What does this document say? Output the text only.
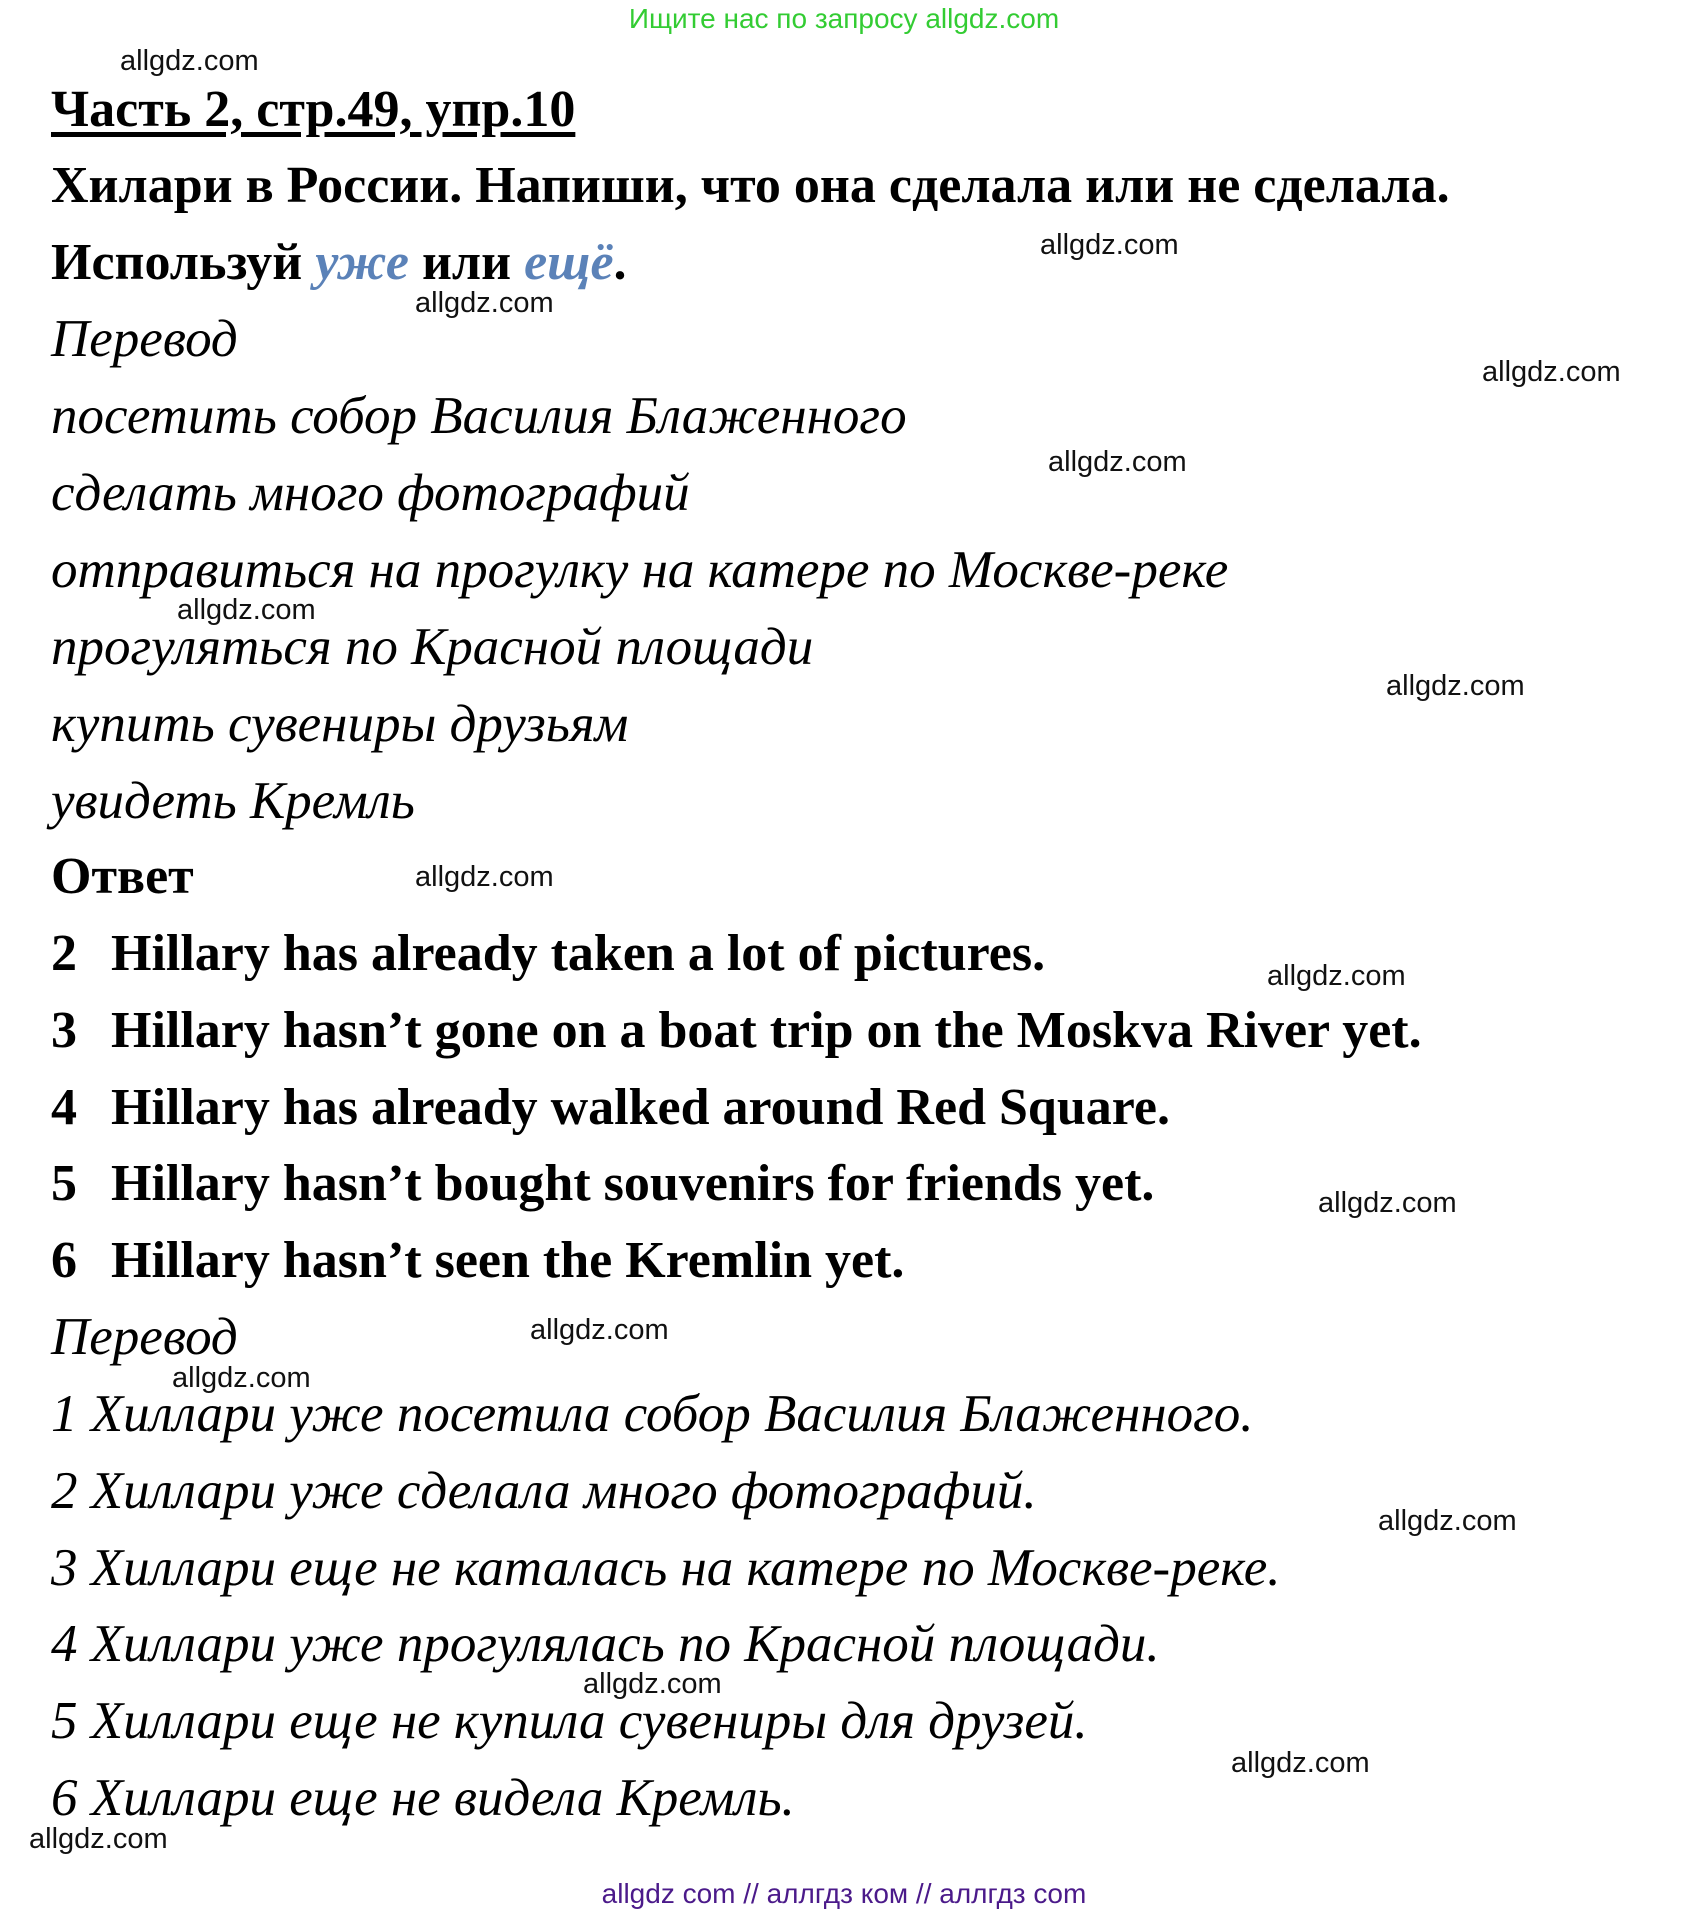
Ищите нас по запросу allgdz.com
Часть 2, стр.49, упр.10
Хилари в России. Напиши, что она сделала или не сделала.
Используй уже или ещё.
Перевод
посетить собор Василия Блаженного
сделать много фотографий
отправиться на прогулку на катере по Москве-реке
прогуляться по Красной площади
купить сувениры друзьям
увидеть Кремль
Ответ
2 Hillary has already taken a lot of pictures.
3 Hillary hasn’t gone on a boat trip on the Moskva River yet.
4 Hillary has already walked around Red Square.
5 Hillary hasn’t bought souvenirs for friends yet.
6 Hillary hasn’t seen the Kremlin yet.
Перевод
1 Хиллари уже посетила собор Василия Блаженного.
2 Хиллари уже сделала много фотографий.
3 Хиллари еще не каталась на катере по Москве-реке.
4 Хиллари уже прогулялась по Красной площади.
5 Хиллари еще не купила сувениры для друзей.
6 Хиллари еще не видела Кремль.
allgdz.com
allgdz.com
allgdz.com
allgdz.com
allgdz.com
allgdz.com
allgdz.com
allgdz.com
allgdz.com
allgdz.com
allgdz.com
allgdz.com
allgdz.com
allgdz.com
allgdz.com
allgdz.com
allgdz com // аллгдз ком // аллгдз com
